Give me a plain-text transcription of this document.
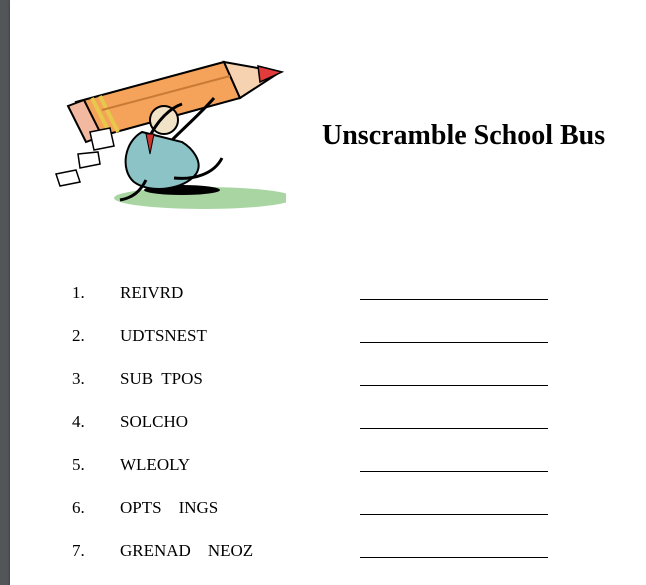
Unscramble School Bus
1. REIVRD
2. UDTSNEST
3. SUB  TPOS
4. SOLCHO
5. WLEOLY
6. OPTS    INGS
7. GRENAD    NEOZ
